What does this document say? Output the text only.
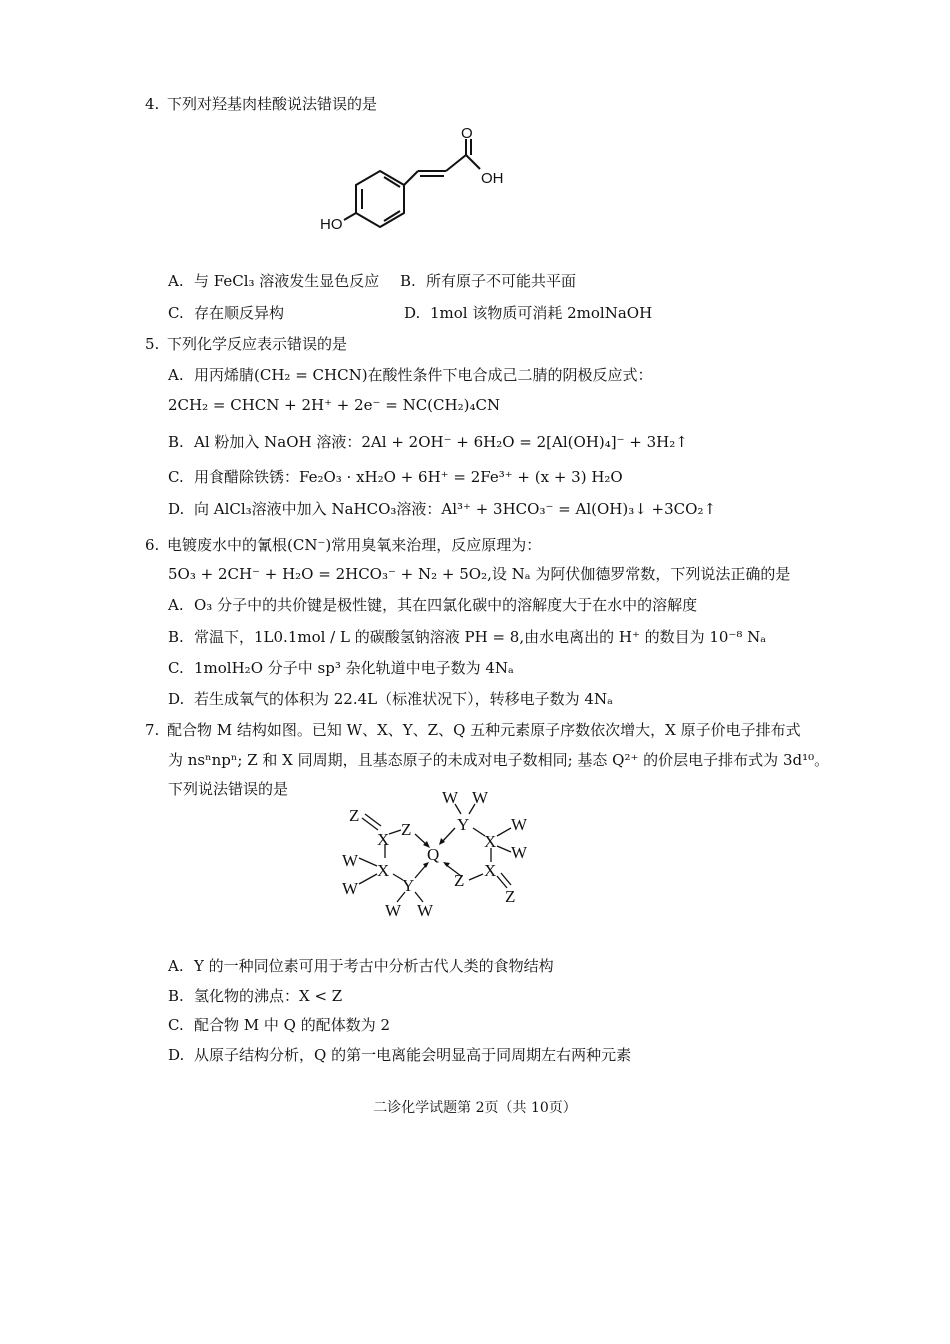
4. 下列对羟基肉桂酸说法错误的是
O
OH
HO
A. 与 FeCl₃ 溶液发生显色反应 B. 所有原子不可能共平面
C. 存在顺反异构	D. 1mol 该物质可消耗 2molNaOH
5. 下列化学反应表示错误的是
A. 用丙烯腈(CH₂ = CHCN)在酸性条件下电合成己二腈的阴极反应式：
2CH₂ = CHCN + 2H⁺ + 2e⁻ = NC(CH₂)₄CN
B. Al 粉加入 NaOH 溶液：2Al + 2OH⁻ + 6H₂O = 2[Al(OH)₄]⁻ + 3H₂↑
C. 用食醋除铁锈：Fe₂O₃ · xH₂O + 6H⁺ = 2Fe³⁺ + (x + 3) H₂O
D. 向 AlCl₃溶液中加入 NaHCO₃溶液：Al³⁺ + 3HCO₃⁻ = Al(OH)₃↓ +3CO₂↑
6. 电镀废水中的氰根(CN⁻)常用臭氧来治理，反应原理为：
5O₃ + 2CH⁻ + H₂O = 2HCO₃⁻ + N₂ + 5O₂,设 Nₐ 为阿伏伽德罗常数，下列说法正确的是
A. O₃ 分子中的共价键是极性键，其在四氯化碳中的溶解度大于在水中的溶解度
B. 常温下，1L0.1mol / L 的碳酸氢钠溶液 PH = 8,由水电离出的 H⁺ 的数目为 10⁻⁸ Nₐ
C. 1molH₂O 分子中 sp³ 杂化轨道中电子数为 4Nₐ
D. 若生成氧气的体积为 22.4L（标准状况下），转移电子数为 4Nₐ
7. 配合物 M 结构如图。已知 W、X、Y、Z、Q 五种元素原子序数依次增大，X 原子价电子排布式
为 nsⁿnpⁿ; Z 和 X 同周期，且基态原子的未成对电子数相同; 基态 Q²⁺ 的价层电子排布式为 3d¹⁰。
下列说法错误的是
Z
X
Z
W
X
W	Y
W W
Q
W W
Y
X
W
W
Z
X
Z
A. Y 的一种同位素可用于考古中分析古代人类的食物结构
B. 氢化物的沸点：X < Z
C. 配合物 M 中 Q 的配体数为 2
D. 从原子结构分析，Q 的第一电离能会明显高于同周期左右两种元素
二诊化学试题第 2页（共 10页）
